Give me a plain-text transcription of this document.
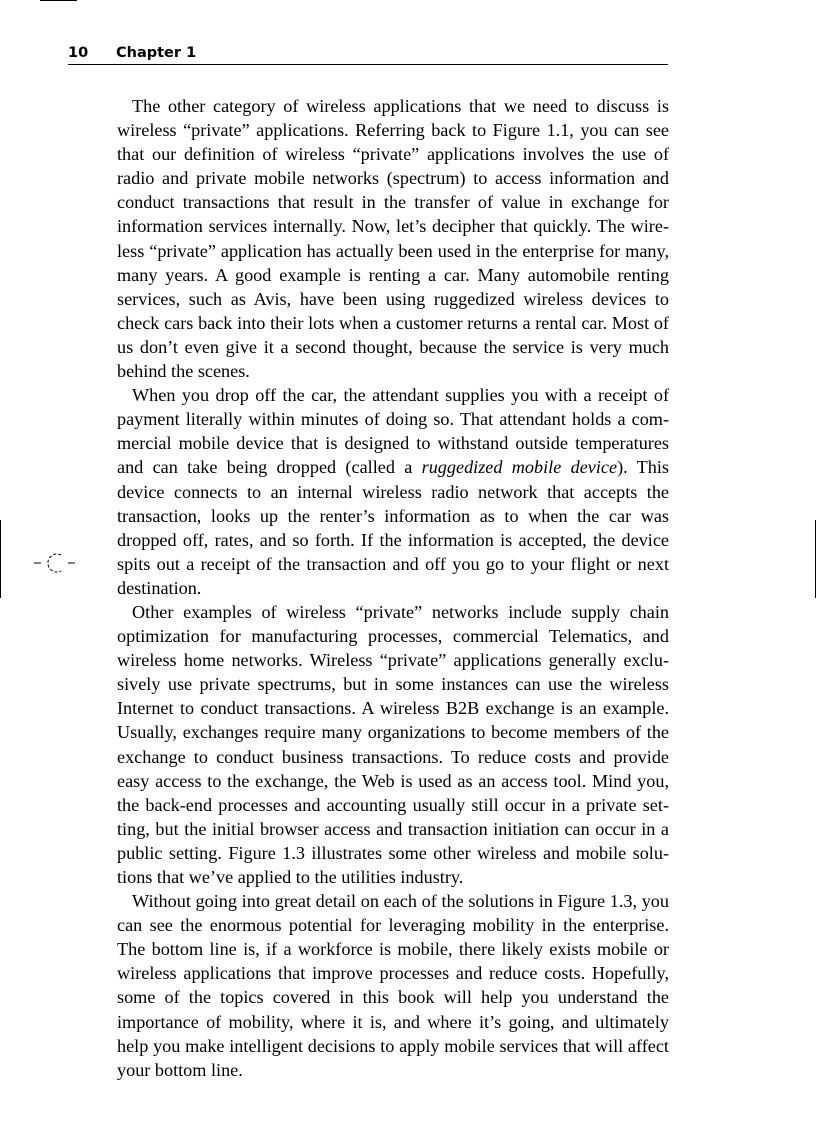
10 Chapter 1

The other category of wireless applications that we need to discuss is wireless “private” applications. Referring back to Figure 1.1, you can see that our definition of wireless “private” applications involves the use of radio and private mobile networks (spectrum) to access information and conduct transactions that result in the transfer of value in exchange for information services internally. Now, let’s decipher that quickly. The wireless “private” application has actually been used in the enterprise for many, many years. A good example is renting a car. Many automobile renting services, such as Avis, have been using ruggedized wireless devices to check cars back into their lots when a customer returns a rental car. Most of us don’t even give it a second thought, because the service is very much behind the scenes.

When you drop off the car, the attendant supplies you with a receipt of payment literally within minutes of doing so. That attendant holds a commercial mobile device that is designed to withstand outside temperatures and can take being dropped (called a ruggedized mobile device). This device connects to an internal wireless radio network that accepts the transaction, looks up the renter’s information as to when the car was dropped off, rates, and so forth. If the information is accepted, the device spits out a receipt of the transaction and off you go to your flight or next destination.

Other examples of wireless “private” networks include supply chain optimization for manufacturing processes, commercial Telematics, and wireless home networks. Wireless “private” applications generally exclusively use private spectrums, but in some instances can use the wireless Internet to conduct transactions. A wireless B2B exchange is an example. Usually, exchanges require many organizations to become members of the exchange to conduct business transactions. To reduce costs and provide easy access to the exchange, the Web is used as an access tool. Mind you, the back-end processes and accounting usually still occur in a private setting, but the initial browser access and transaction initiation can occur in a public setting. Figure 1.3 illustrates some other wireless and mobile solutions that we’ve applied to the utilities industry.

Without going into great detail on each of the solutions in Figure 1.3, you can see the enormous potential for leveraging mobility in the enterprise. The bottom line is, if a workforce is mobile, there likely exists mobile or wireless applications that improve processes and reduce costs. Hopefully, some of the topics covered in this book will help you understand the importance of mobility, where it is, and where it’s going, and ultimately help you make intelligent decisions to apply mobile services that will affect your bottom line.
